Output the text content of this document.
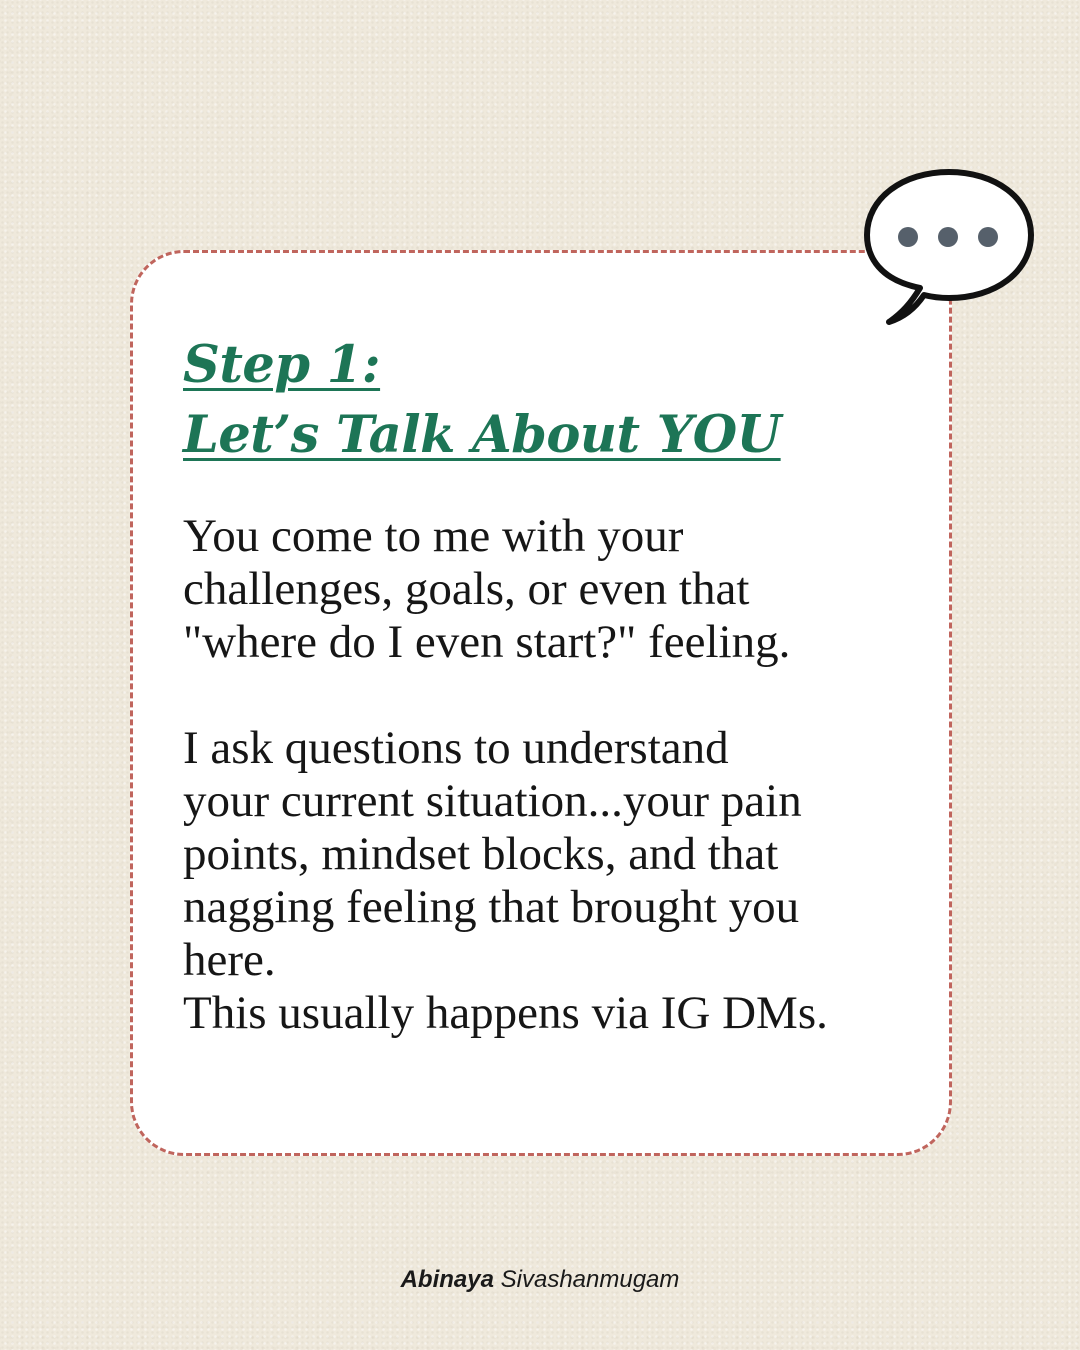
Step 1:
Let’s Talk About YOU

You come to me with your
challenges, goals, or even that
"where do I even start?" feeling.

I ask questions to understand
your current situation...your pain
points, mindset blocks, and that
nagging feeling that brought you
here.
This usually happens via IG DMs.

Abinaya Sivashanmugam
